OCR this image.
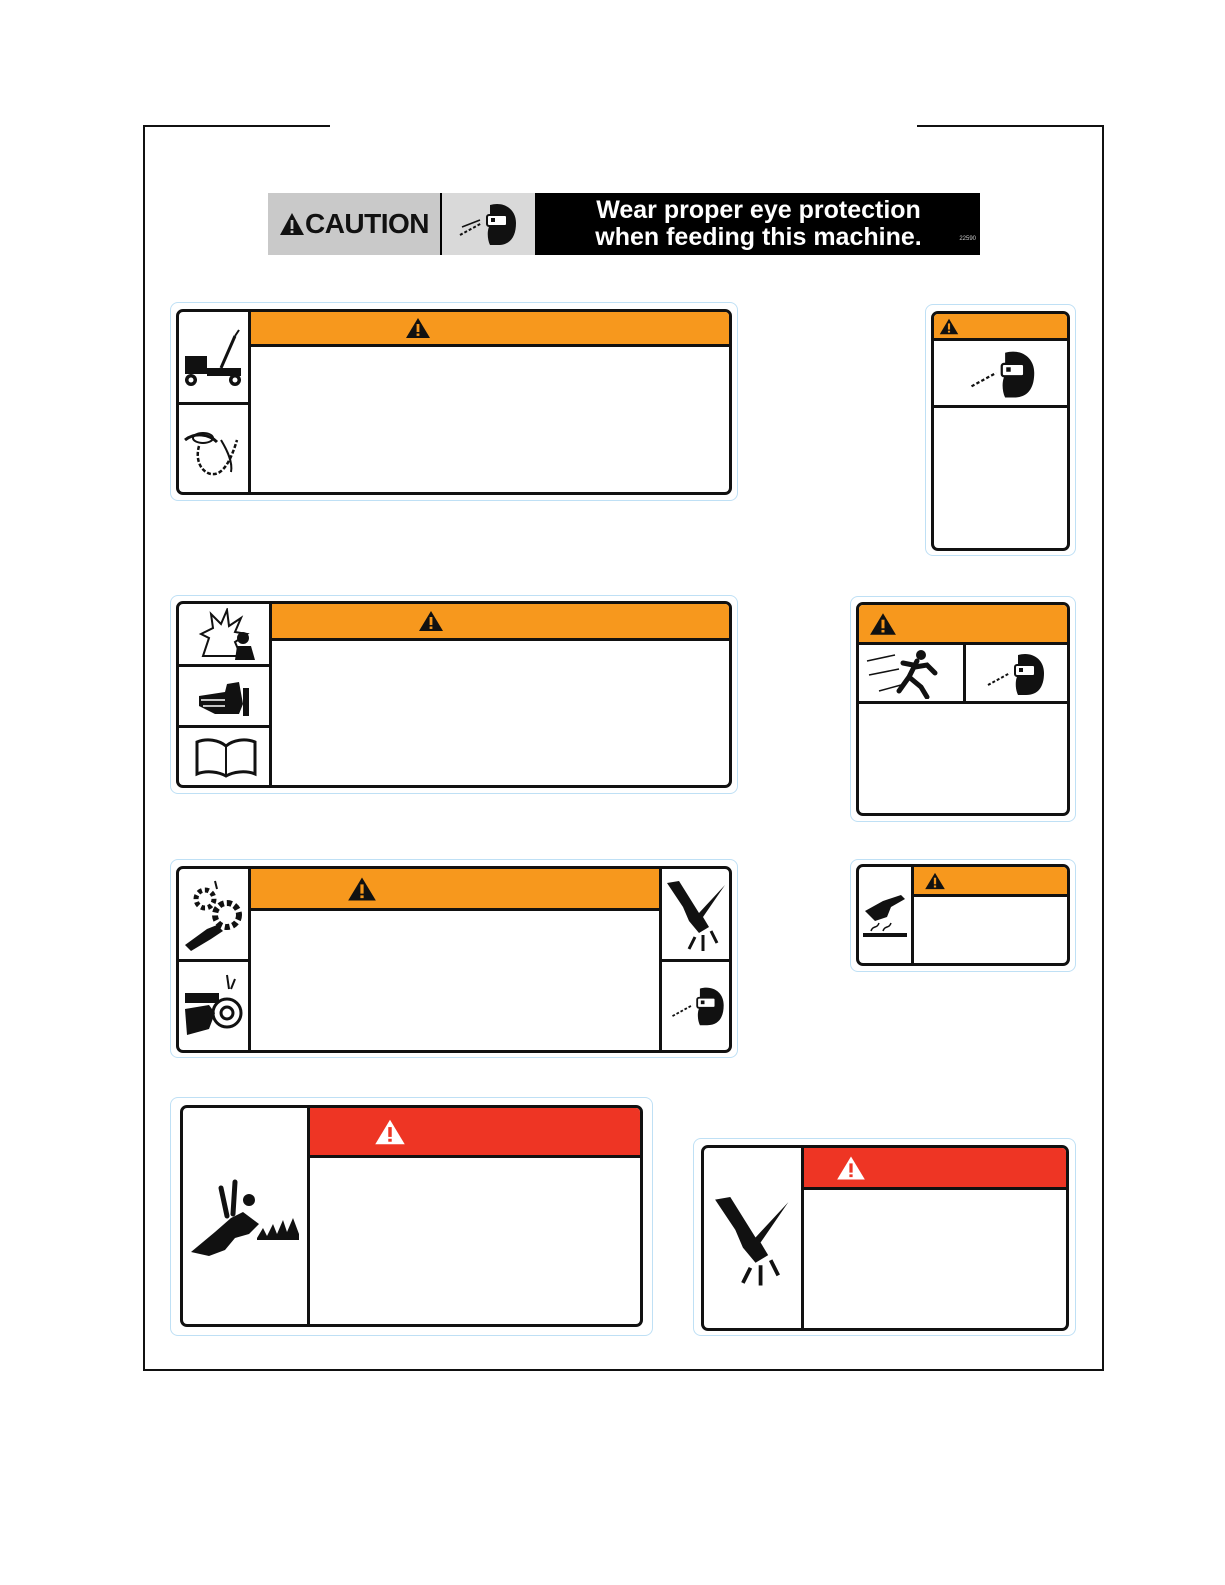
CAUTION	Wear proper eye protection
when feeding this machine.	22590
